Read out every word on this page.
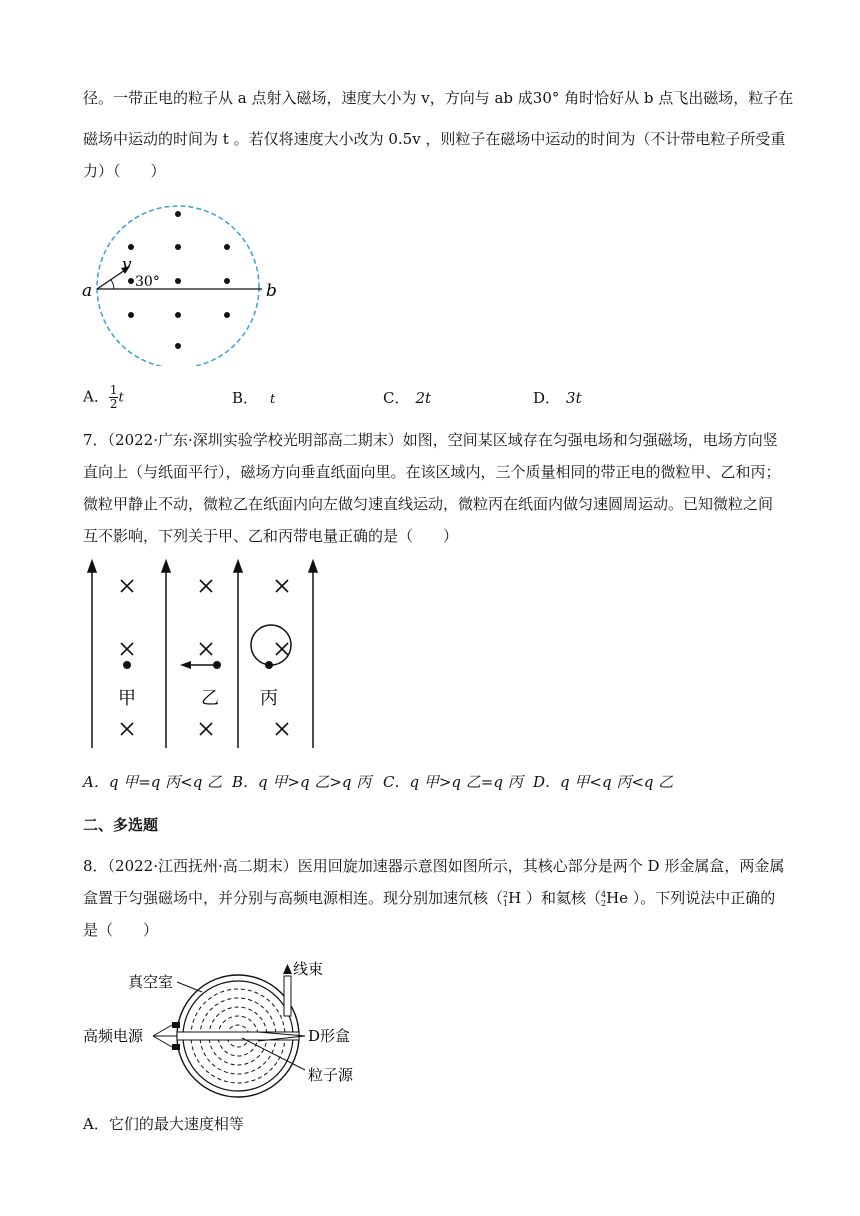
径。一带正电的粒子从 a 点射入磁场，速度大小为 v，方向与 ab 成30° 角时恰好从 b 点飞出磁场，粒子在
磁场中运动的时间为 t 。若仅将速度大小改为 0.5v ，则粒子在磁场中运动的时间为（不计带电粒子所受重
力）（　　）
a	b
v
30°
A． $\frac{1}{2}$ t	B． t	C． 2t	D． 3t
7．（2022·广东·深圳实验学校光明部高二期末）如图，空间某区域存在匀强电场和匀强磁场，电场方向竖
直向上（与纸面平行），磁场方向垂直纸面向里。在该区域内，三个质量相同的带正电的微粒甲、乙和丙；
微粒甲静止不动，微粒乙在纸面内向左做匀速直线运动，微粒丙在纸面内做匀速圆周运动。已知微粒之间
互不影响，下列关于甲、乙和丙带电量正确的是（　　）
甲	乙 丙
A．q 甲=q 丙<q 乙 B．q 甲>q 乙>q 丙 C．q 甲>q 乙=q 丙 D．q 甲<q 丙<q 乙
二、多选题
8．（2022·江西抚州·高二期末）医用回旋加速器示意图如图所示，其核心部分是两个 D 形金属盒，两金属
盒置于匀强磁场中，并分别与高频电源相连。现分别加速氘核（ 2
1 H ）和氦核（ 4
2 He ）。下列说法中正确的
是（　　）
线束
真空室
高频电源	D形盒
粒子源
A．它们的最大速度相等
